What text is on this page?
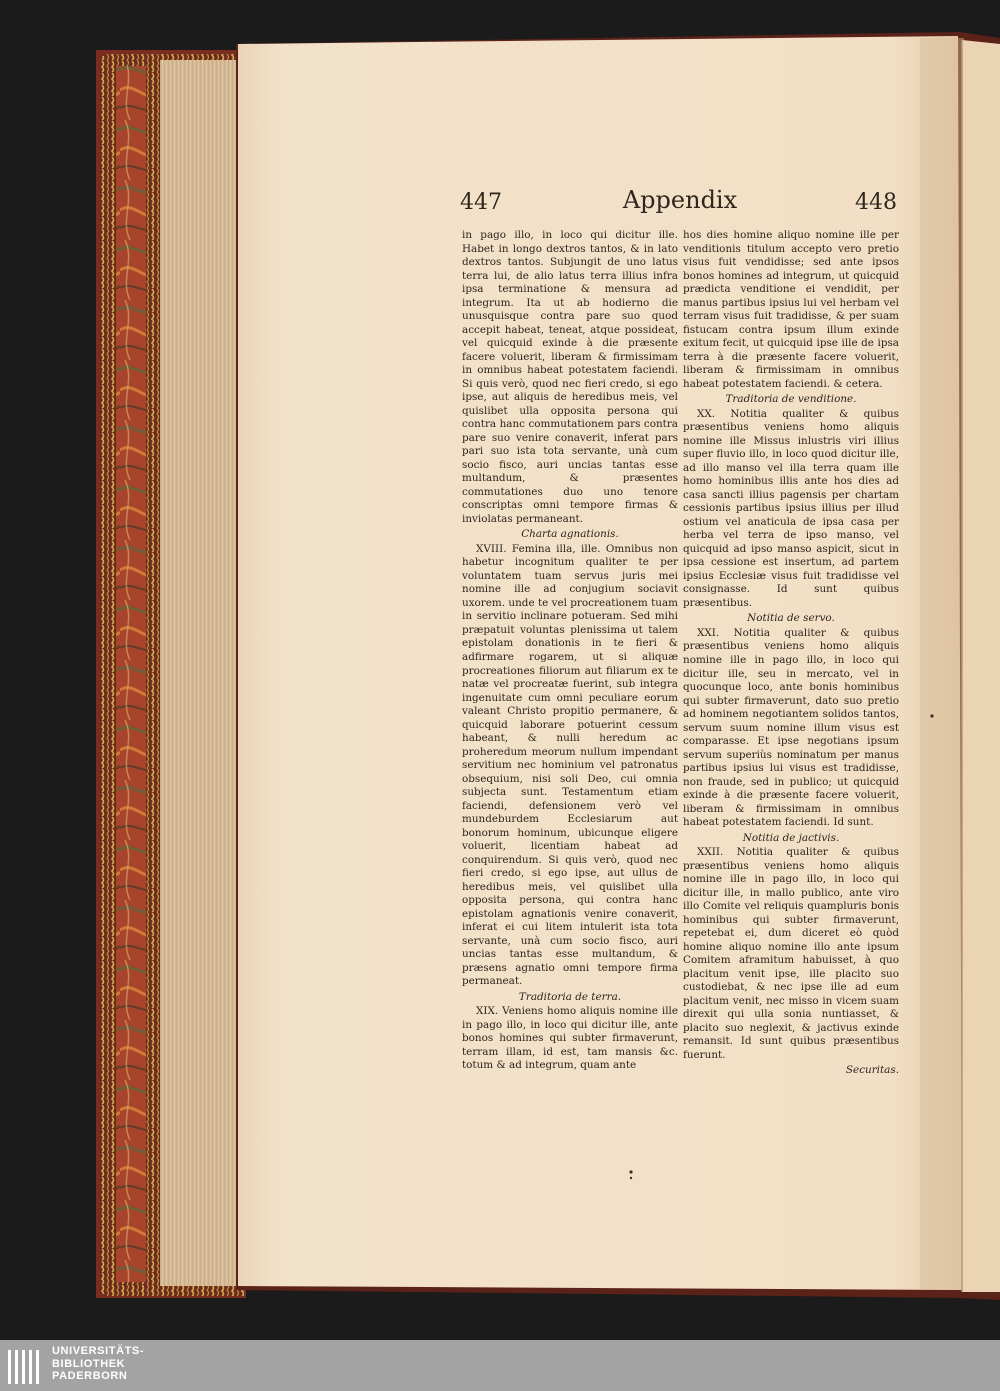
447	Appendix	448

in pago illo, in loco qui dicitur ille. Habet in longo dextros tantos, & in lato dextros tantos. Subjungit de uno latus terra lui, de alio latus terra illius infra ipsa terminatione & mensura ad integrum. Ita ut ab hodierno die unusquisque contra pare suo quod accepit habeat, teneat, atque possideat, vel quicquid exinde à die præsente facere voluerit, liberam & firmissimam in omnibus habeat potestatem faciendi. Si quis verò, quod nec fieri credo, si ego ipse, aut aliquis de heredibus meis, vel quislibet ulla opposita persona qui contra hanc commutationem pars contra pare suo venire conaverit, inferat pars pari suo ista tota servante, unà cum socio fisco, auri uncias tantas esse multandum, & præsentes commutationes duo uno tenore conscriptas omni tempore firmas & inviolatas permaneant.

Charta agnationis.

XVIII. Femina illa, ille. Omnibus non habetur incognitum qualiter te per voluntatem tuam servus juris mei nomine ille ad conjugium sociavit uxorem. unde te vel procreationem tuam in servitio inclinare potueram. Sed mihi præpatuit voluntas plenissima ut talem epistolam donationis in te fieri & adfirmare rogarem, ut si aliquæ procreationes filiorum aut filiarum ex te natæ vel procreatæ fuerint, sub integra ingenuitate cum omni peculiare eorum valeant Christo propitio permanere, & quicquid laborare potuerint cessum habeant, & nulli heredum ac proheredum meorum nullum impendant servitium nec hominium vel patronatus obsequium, nisi soli Deo, cui omnia subjecta sunt. Testamentum etiam faciendi, defensionem verò vel mundeburdem Ecclesiarum aut bonorum hominum, ubicunque eligere voluerit, licentiam habeat ad conquirendum. Si quis verò, quod nec fieri credo, si ego ipse, aut ullus de heredibus meis, vel quislibet ulla opposita persona, qui contra hanc epistolam agnationis venire conaverit, inferat ei cui litem intulerit ista tota servante, unà cum socio fisco, auri uncias tantas esse multandum, & præsens agnatio omni tempore firma permaneat.

Traditoria de terra.

XIX. Veniens homo aliquis nomine ille in pago illo, in loco qui dicitur ille, ante bonos homines qui subter firmaverunt, terram illam, id est, tam mansis &c. totum & ad integrum, quam ante

hos dies homine aliquo nomine ille per venditionis titulum accepto vero pretio visus fuit vendidisse; sed ante ipsos bonos homines ad integrum, ut quicquid prædicta venditione ei vendidit, per manus partibus ipsius lui vel herbam vel terram visus fuit tradidisse, & per suam fistucam contra ipsum illum exinde exitum fecit, ut quicquid ipse ille de ipsa terra à die præsente facere voluerit, liberam & firmissimam in omnibus habeat potestatem faciendi. & cetera.

Traditoria de venditione.

XX. Notitia qualiter & quibus præsentibus veniens homo aliquis nomine ille Missus inlustris viri illius super fluvio illo, in loco quod dicitur ille, ad illo manso vel illa terra quam ille homo hominibus illis ante hos dies ad casa sancti illius pagensis per chartam cessionis partibus ipsius illius per illud ostium vel anaticula de ipsa casa per herba vel terra de ipso manso, vel quicquid ad ipso manso aspicit, sicut in ipsa cessione est insertum, ad partem ipsius Ecclesiæ visus fuit tradidisse vel consignasse. Id sunt quibus præsentibus.

Notitia de servo.

XXI. Notitia qualiter & quibus præsentibus veniens homo aliquis nomine ille in pago illo, in loco qui dicitur ille, seu in mercato, vel in quocunque loco, ante bonis hominibus qui subter firmaverunt, dato suo pretio ad hominem negotiantem solidos tantos, servum suum nomine illum visus est comparasse. Et ipse negotians ipsum servum superiùs nominatum per manus partibus ipsius lui visus est tradidisse, non fraude, sed in publico; ut quicquid exinde à die præsente facere voluerit, liberam & firmissimam in omnibus habeat potestatem faciendi. Id sunt.

Notitia de jactivis.

XXII. Notitia qualiter & quibus præsentibus veniens homo aliquis nomine ille in pago illo, in loco qui dicitur ille, in mallo publico, ante viro illo Comite vel reliquis quampluris bonis hominibus qui subter firmaverunt, repetebat ei, dum diceret eò quòd homine aliquo nomine illo ante ipsum Comitem aframitum habuisset, à quo placitum venit ipse, ille placito suo custodiebat, & nec ipse ille ad eum placitum venit, nec misso in vicem suam direxit qui ulla sonia nuntiasset, & placito suo neglexit, & jactivus exinde remansit. Id sunt quibus præsentibus fuerunt.

Securitas.

UNIVERSITÄTS-
BIBLIOTHEK
PADERBORN
